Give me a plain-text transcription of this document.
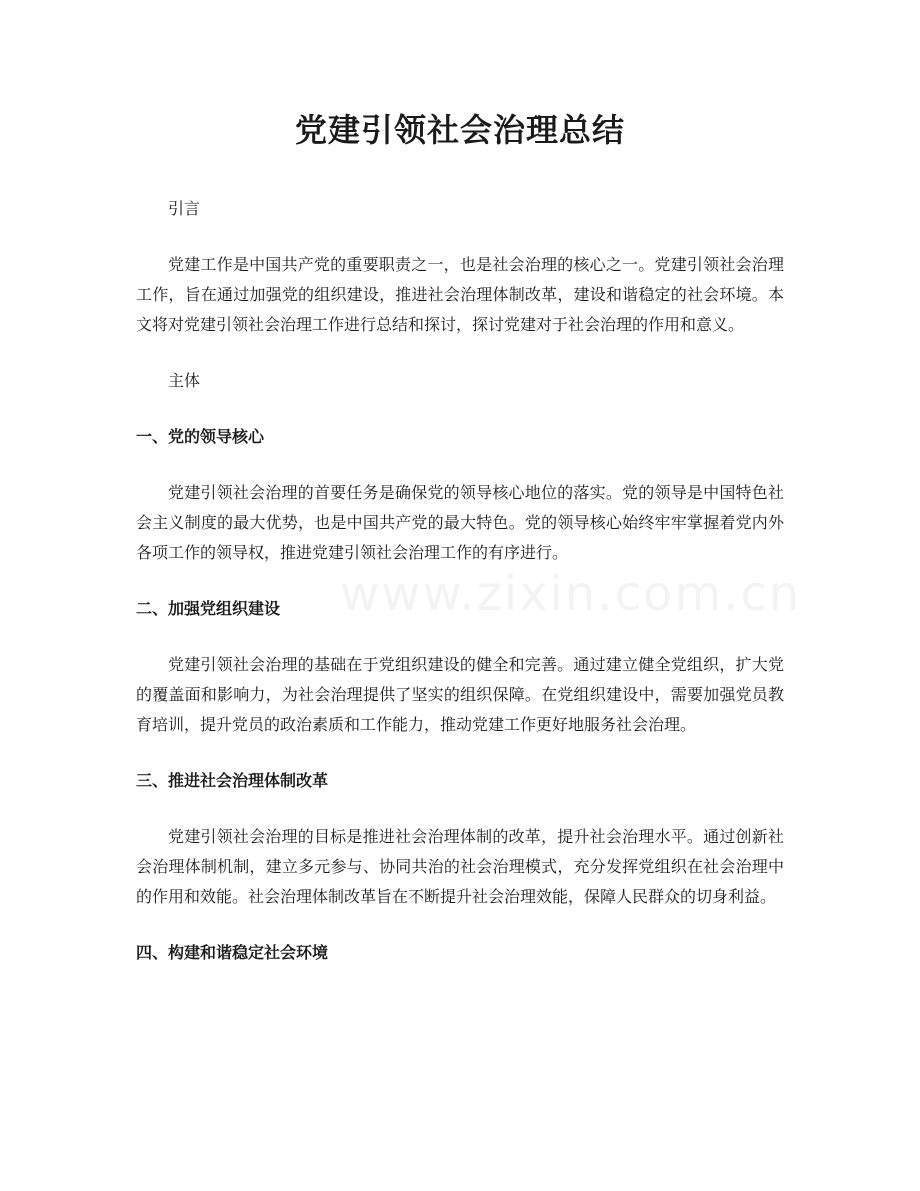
党建引领社会治理总结

引言

党建工作是中国共产党的重要职责之一，也是社会治理的核心之一。党建引领社会治理工作，旨在通过加强党的组织建设，推进社会治理体制改革，建设和谐稳定的社会环境。本文将对党建引领社会治理工作进行总结和探讨，探讨党建对于社会治理的作用和意义。

主体

一、党的领导核心

党建引领社会治理的首要任务是确保党的领导核心地位的落实。党的领导是中国特色社会主义制度的最大优势，也是中国共产党的最大特色。党的领导核心始终牢牢掌握着党内外各项工作的领导权，推进党建引领社会治理工作的有序进行。

二、加强党组织建设

党建引领社会治理的基础在于党组织建设的健全和完善。通过建立健全党组织，扩大党的覆盖面和影响力，为社会治理提供了坚实的组织保障。在党组织建设中，需要加强党员教育培训，提升党员的政治素质和工作能力，推动党建工作更好地服务社会治理。

三、推进社会治理体制改革

党建引领社会治理的目标是推进社会治理体制的改革，提升社会治理水平。通过创新社会治理体制机制，建立多元参与、协同共治的社会治理模式，充分发挥党组织在社会治理中的作用和效能。社会治理体制改革旨在不断提升社会治理效能，保障人民群众的切身利益。

四、构建和谐稳定社会环境
www.zixin.com.cn
